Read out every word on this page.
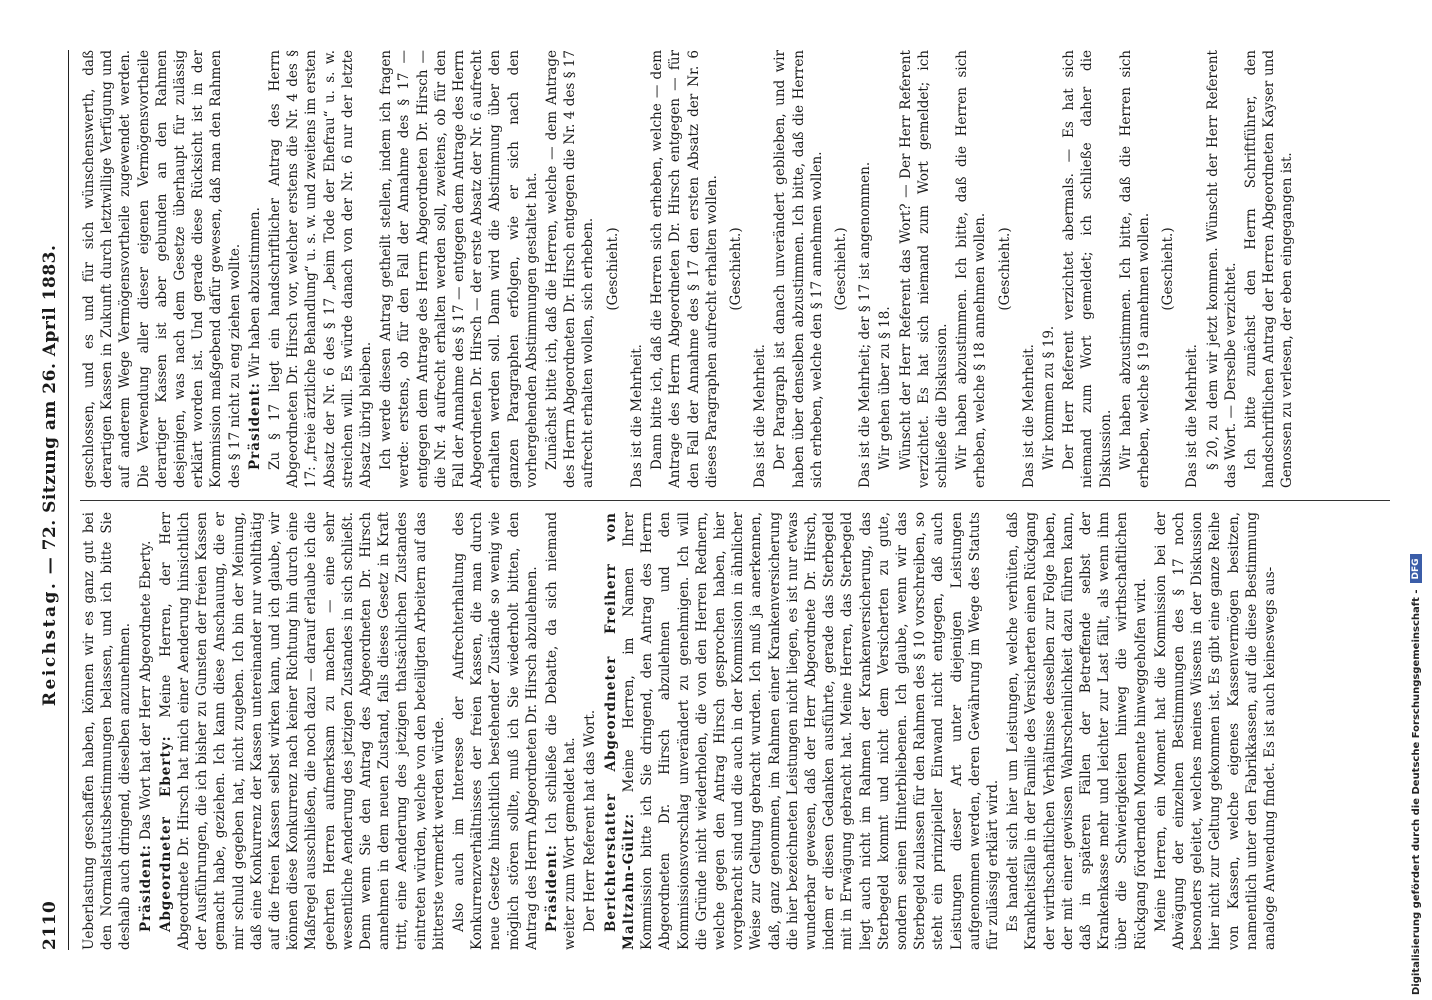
2110
Reichstag. — 72. Sitzung am 26. April 1883.

Ueberlastung geschaffen haben, können wir es ganz gut bei den Normalstatutsbestimmungen belassen, und ich bitte Sie deshalb auch dringend, dieselben anzunehmen. Präsident: Das Wort hat der Herr Abgeordnete Eberty. Abgeordneter Eberty: Meine Herren, der Herr Abgeordnete Dr. Hirsch hat mich einer Aenderung hinsichtlich der Ausführungen, die ich bisher zu Gunsten der freien Kassen gemacht habe, geziehen. Ich kann diese Anschauung, die er mir schuld gegeben hat, nicht zugeben. Ich bin der Meinung, daß eine Konkurrenz der Kassen untereinander nur wohlthätig auf die freien Kassen selbst wirken kann, und ich glaube, wir können diese Konkurrenz nach keiner Richtung hin durch eine Maßregel ausschließen, die noch dazu — darauf erlaube ich die geehrten Herren aufmerksam zu machen — eine sehr wesentliche Aenderung des jetzigen Zustandes in sich schließt. Denn wenn Sie den Antrag des Abgeordneten Dr. Hirsch annehmen in dem neuen Zustand, falls dieses Gesetz in Kraft tritt, eine Aenderung des jetzigen thatsächlichen Zustandes eintreten würden, welche von den beteiligten Arbeitern auf das bitterste vermerkt werden würde. Also auch im Interesse der Aufrechterhaltung des Konkurrenzverhältnisses der freien Kassen, die man durch neue Gesetze hinsichtlich bestehender Zustände so wenig wie möglich stören sollte, muß ich Sie wiederholt bitten, den Antrag des Herrn Abgeordneten Dr. Hirsch abzulehnen. Präsident: Ich schließe die Debatte, da sich niemand weiter zum Wort gemeldet hat. Der Herr Referent hat das Wort. Berichterstatter Abgeordneter Freiherr von Maltzahn-Gültz: Meine Herren, im Namen Ihrer Kommission bitte ich Sie dringend, den Antrag des Herrn Abgeordneten Dr. Hirsch abzulehnen und den Kommissionsvorschlag unverändert zu genehmigen. Ich will die Gründe nicht wiederholen, die von den Herren Rednern, welche gegen den Antrag Hirsch gesprochen haben, hier vorgebracht sind und die auch in der Kommission in ähnlicher Weise zur Geltung gebracht wurden. Ich muß ja anerkennen, daß, ganz genommen, im Rahmen einer Krankenversicherung die hier bezeichneten Leistungen nicht liegen, es ist nur etwas wunderbar gewesen, daß der Herr Abgeordnete Dr. Hirsch, indem er diesen Gedanken ausführte, gerade das Sterbegeld mit in Erwägung gebracht hat. Meine Herren, das Sterbegeld liegt auch nicht im Rahmen der Krankenversicherung, das Sterbegeld kommt und nicht dem Versicherten zu gute, sondern seinen Hinterbliebenen. Ich glaube, wenn wir das Sterbegeld zulassen für den Rahmen des § 10 vorschreiben, so steht ein prinzipieller Einwand nicht entgegen, daß auch Leistungen dieser Art unter diejenigen Leistungen aufgenommen werden, deren Gewährung im Wege des Statuts für zulässig erklärt wird. Es handelt sich hier um Leistungen, welche verhüten, daß Krankheitsfälle in der Familie des Versicherten einen Rückgang der wirthschaftlichen Verhältnisse desselben zur Folge haben, der mit einer gewissen Wahrscheinlichkeit dazu führen kann, daß in späteren Fällen der Betreffende selbst der Krankenkasse mehr und leichter zur Last fällt, als wenn ihm über die Schwierigkeiten hinweg die wirthschaftlichen Rückgang fördernden Momente hinweggeholfen wird. Meine Herren, ein Moment hat die Kommission bei der Abwägung der einzelnen Bestimmungen des § 17 noch besonders geleitet, welches meines Wissens in der Diskussion hier nicht zur Geltung gekommen ist. Es gibt eine ganze Reihe von Kassen, welche eigenes Kassenvermögen besitzen, namentlich unter den Fabrikkassen, auf die diese Bestimmung analoge Anwendung findet. Es ist auch keineswegs aus-

geschlossen, und es und für sich wünschenswerth, daß derartigen Kassen in Zukunft durch letztwillige Verfügung und auf anderem Wege Vermögensvortheile zugewendet werden. Die Verwendung aller dieser eigenen Vermögensvortheile derartiger Kassen ist aber gebunden an den Rahmen desjenigen, was nach dem Gesetze überhaupt für zulässig erklärt worden ist. Und gerade diese Rücksicht ist in der Kommission maßgebend dafür gewesen, daß man den Rahmen des § 17 nicht zu eng ziehen wollte. Präsident: Wir haben abzustimmen. Zu § 17 liegt ein handschriftlicher Antrag des Herrn Abgeordneten Dr. Hirsch vor, welcher erstens die Nr. 4 des § 17: „freie ärztliche Behandlung“ u. s. w. und zweitens im ersten Absatz der Nr. 6 des § 17 „beim Tode der Ehefrau“ u. s. w. streichen will. Es würde danach von der Nr. 6 nur der letzte Absatz übrig bleiben. Ich werde diesen Antrag getheilt stellen, indem ich fragen werde: erstens, ob für den Fall der Annahme des § 17 — entgegen dem Antrage des Herrn Abgeordneten Dr. Hirsch — die Nr. 4 aufrecht erhalten werden soll, zweitens, ob für den Fall der Annahme des § 17 — entgegen dem Antrage des Herrn Abgeordneten Dr. Hirsch — der erste Absatz der Nr. 6 aufrecht erhalten werden soll. Dann wird die Abstimmung über den ganzen Paragraphen erfolgen, wie er sich nach den vorhergehenden Abstimmungen gestaltet hat. Zunächst bitte ich, daß die Herren, welche — dem Antrage des Herrn Abgeordneten Dr. Hirsch entgegen die Nr. 4 des § 17 aufrecht erhalten wollen, sich erheben. (Geschieht.)

Das ist die Mehrheit. Dann bitte ich, daß die Herren sich erheben, welche — dem Antrage des Herrn Abgeordneten Dr. Hirsch entgegen — für den Fall der Annahme des § 17 den ersten Absatz der Nr. 6 dieses Paragraphen aufrecht erhalten wollen. (Geschieht.)

Das ist die Mehrheit. Der Paragraph ist danach unverändert geblieben, und wir haben über denselben abzustimmen. Ich bitte, daß die Herren sich erheben, welche den § 17 annehmen wollen. (Geschieht.) Das ist die Mehrheit; der § 17 ist angenommen. Wir gehen über zu § 18. Wünscht der Herr Referent das Wort? — Der Herr Referent verzichtet. Es hat sich niemand zum Wort gemeldet; ich schließe die Diskussion. Wir haben abzustimmen. Ich bitte, daß die Herren sich erheben, welche § 18 annehmen wollen. (Geschieht.)

Das ist die Mehrheit. Wir kommen zu § 19. Der Herr Referent verzichtet abermals. — Es hat sich niemand zum Wort gemeldet; ich schließe daher die Diskussion. Wir haben abzustimmen. Ich bitte, daß die Herren sich erheben, welche § 19 annehmen wollen. (Geschieht.)

Das ist die Mehrheit. § 20, zu dem wir jetzt kommen. Wünscht der Herr Referent das Wort. — Derselbe verzichtet. Ich bitte zunächst den Herrn Schriftführer, den handschriftlichen Antrag der Herren Abgeordneten Kayser und Genossen zu verlesen, der eben eingegangen ist.

Digitalisierung gefördert durch die Deutsche Forschungsgemeinschaft -
DFG
